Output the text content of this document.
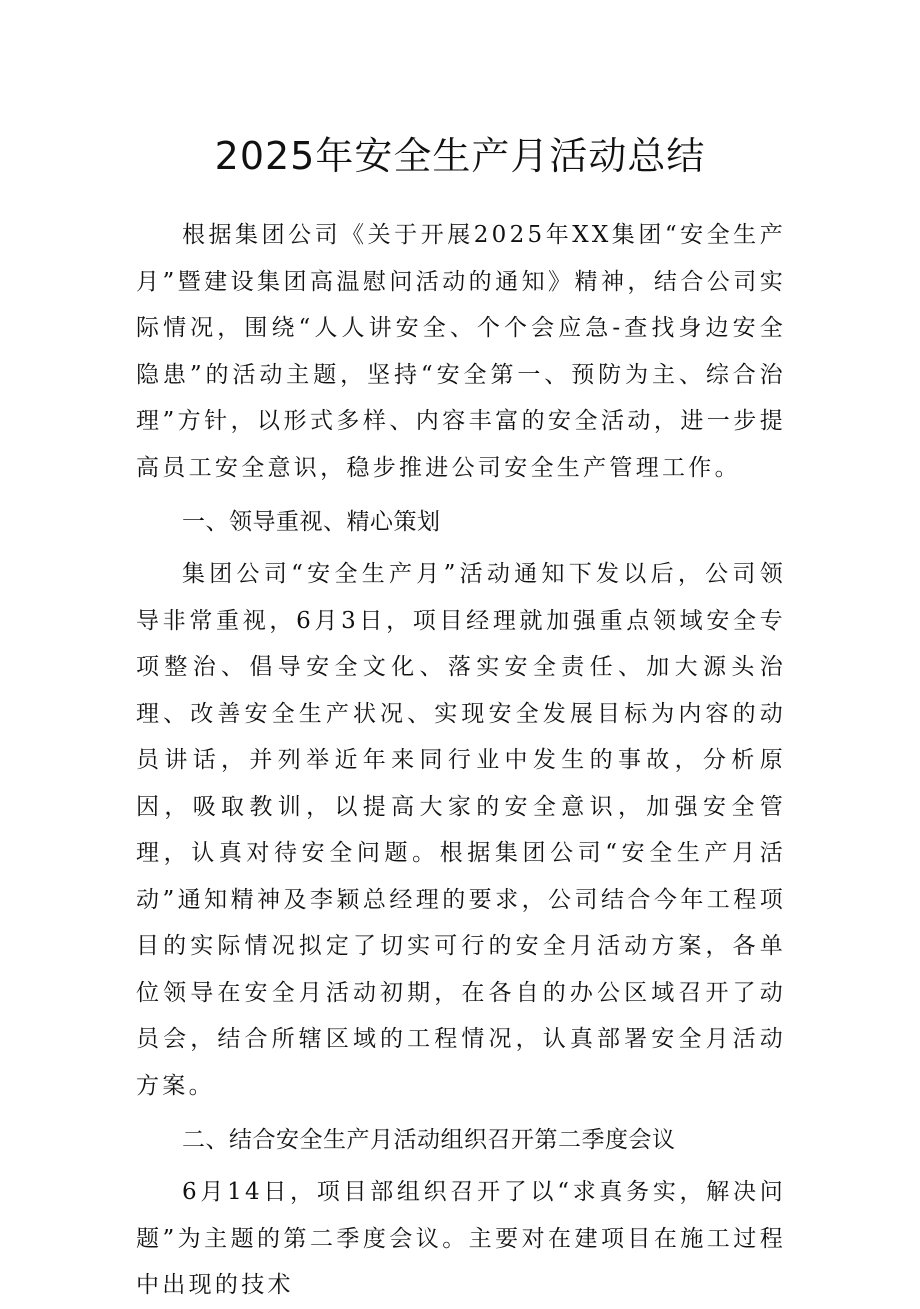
2025年安全生产月活动总结

根据集团公司《关于开展2025年XX集团“安全生产月”暨建设集团高温慰问活动的通知》精神，结合公司实际情况，围绕“人人讲安全、个个会应急-查找身边安全隐患”的活动主题，坚持“安全第一、预防为主、综合治理”方针，以形式多样、内容丰富的安全活动，进一步提高员工安全意识，稳步推进公司安全生产管理工作。

一、领导重视、精心策划

集团公司“安全生产月”活动通知下发以后，公司领导非常重视，6月3日，项目经理就加强重点领域安全专项整治、倡导安全文化、落实安全责任、加大源头治理、改善安全生产状况、实现安全发展目标为内容的动员讲话，并列举近年来同行业中发生的事故，分析原因，吸取教训，以提高大家的安全意识，加强安全管理，认真对待安全问题。根据集团公司“安全生产月活动”通知精神及李颖总经理的要求，公司结合今年工程项目的实际情况拟定了切实可行的安全月活动方案，各单位领导在安全月活动初期，在各自的办公区域召开了动员会，结合所辖区域的工程情况，认真部署安全月活动方案。

二、结合安全生产月活动组织召开第二季度会议

6月14日，项目部组织召开了以“求真务实，解决问题”为主题的第二季度会议。主要对在建项目在施工过程中出现的技术
